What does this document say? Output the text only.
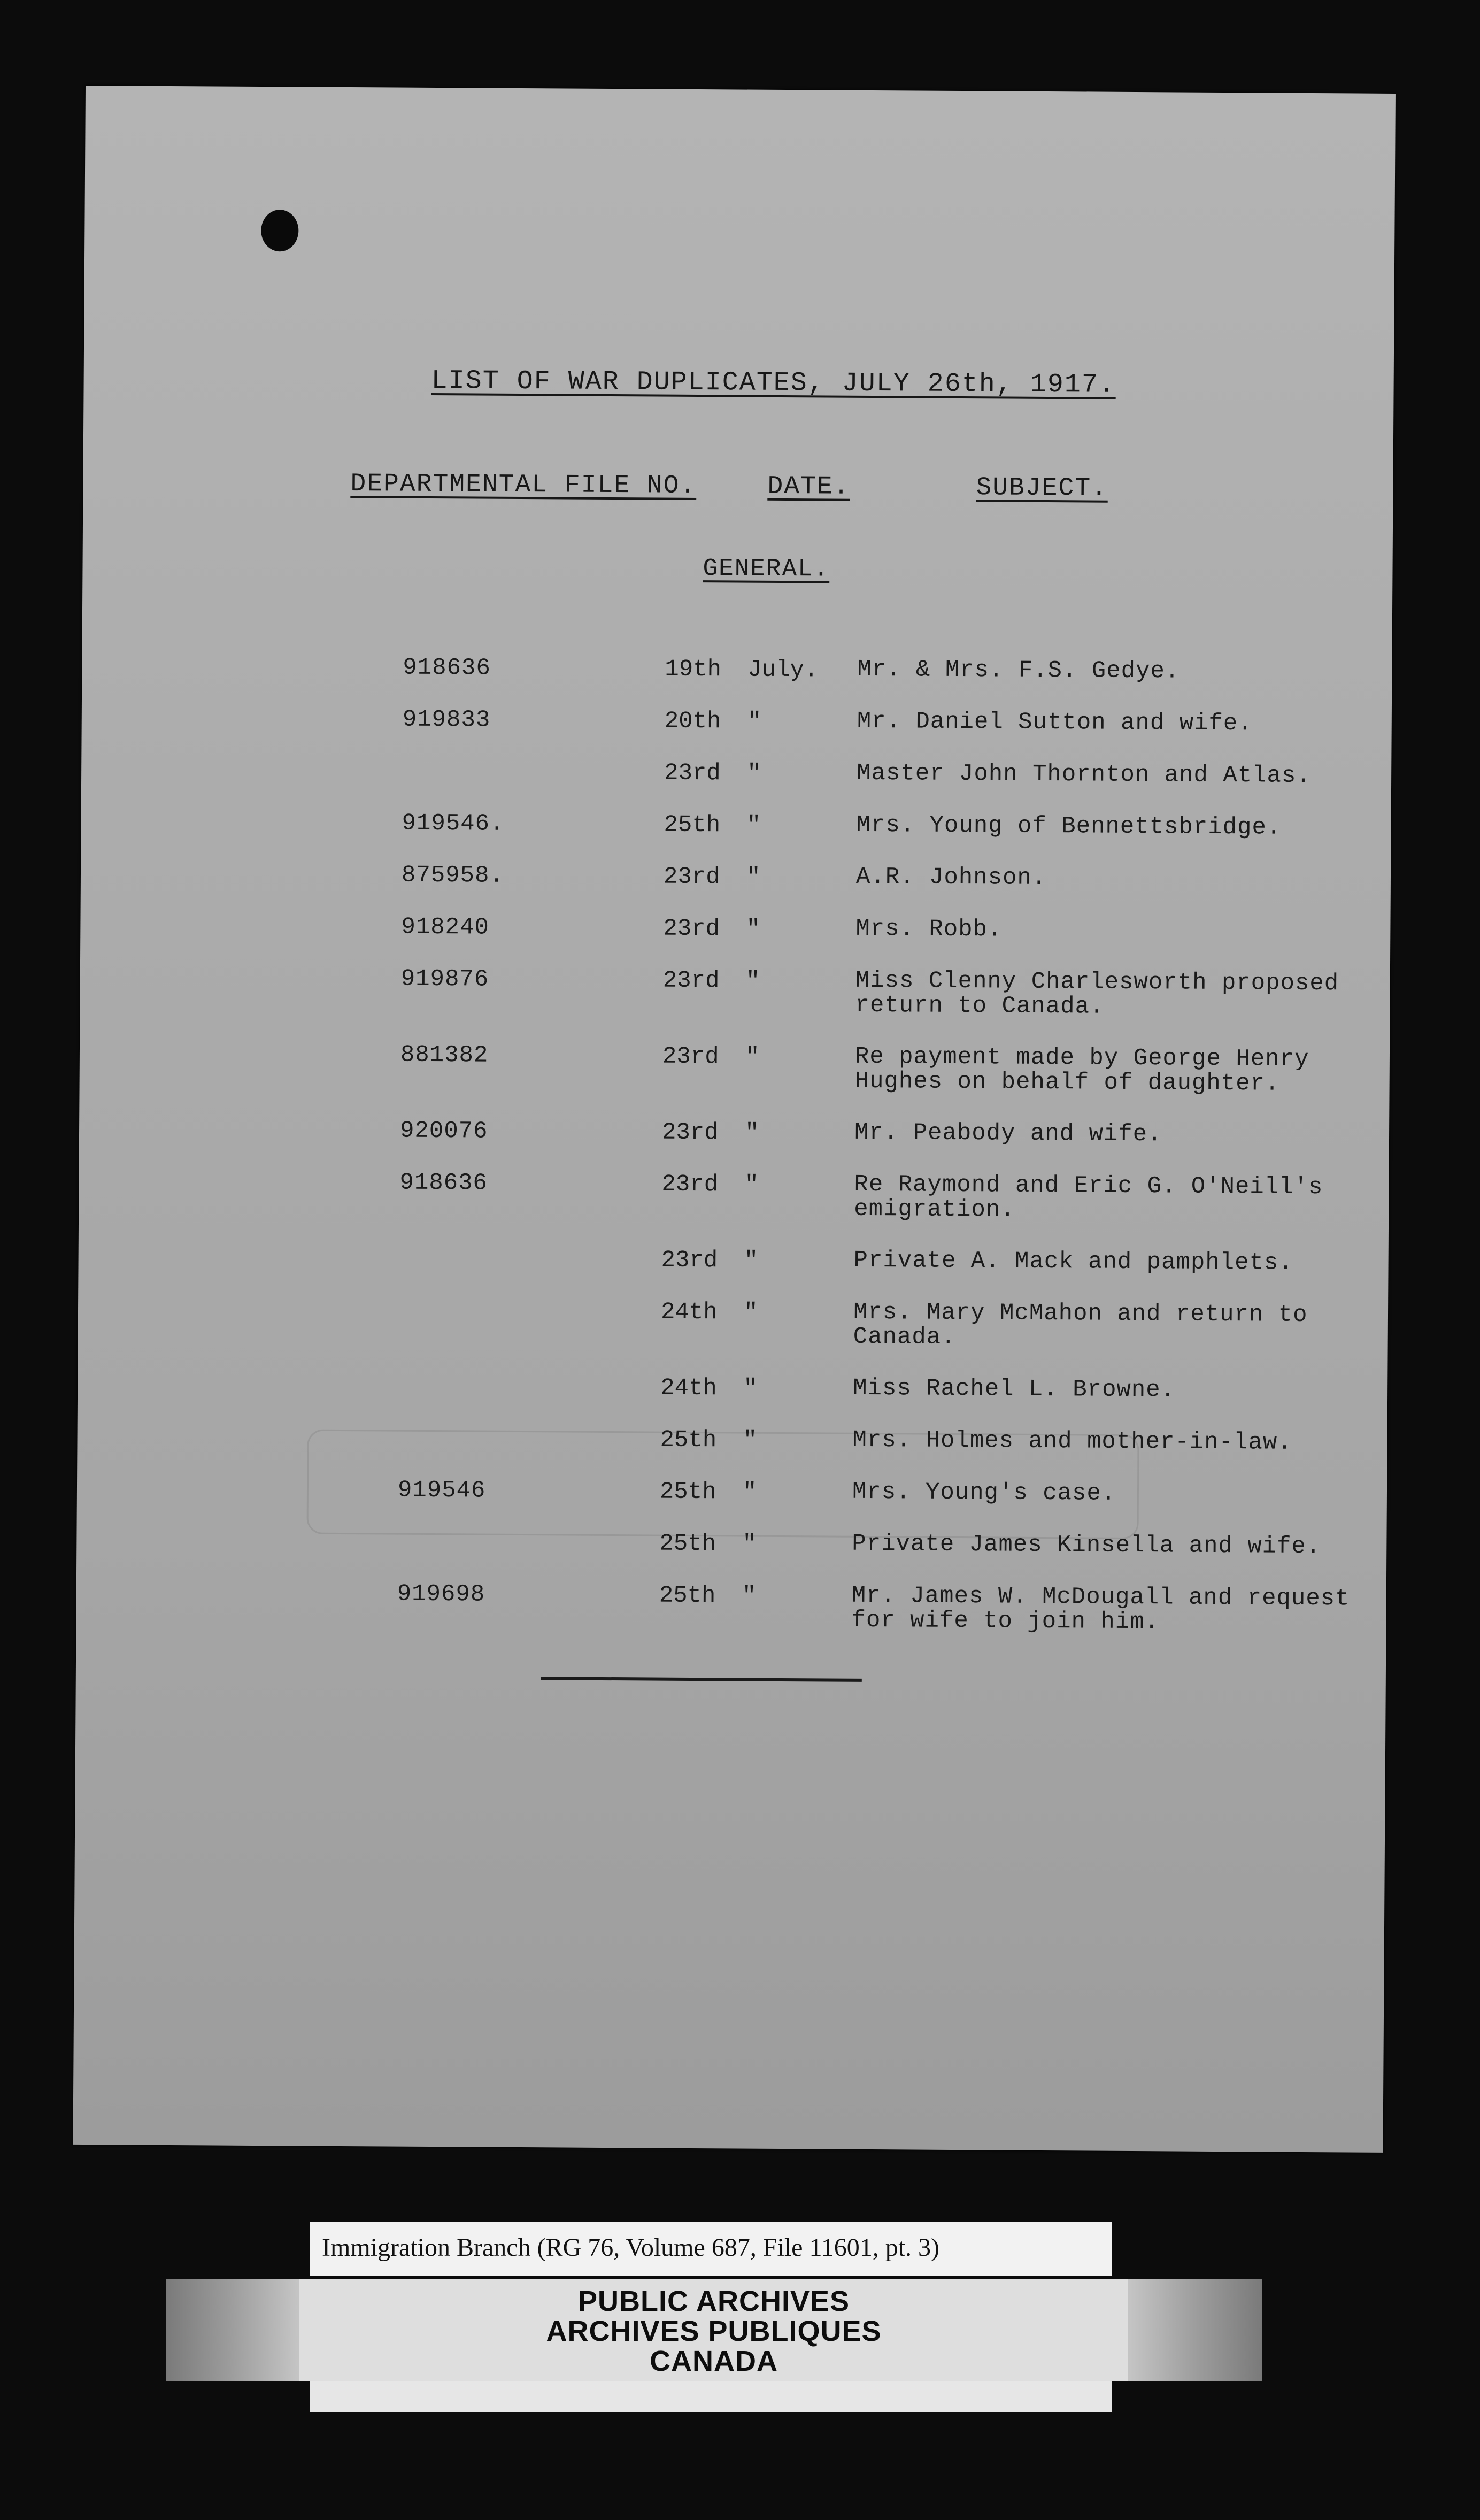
LIST OF WAR DUPLICATES, JULY 26th, 1917.
DEPARTMENTAL FILE NO.	DATE.	SUBJECT.
GENERAL.
918636	19th	July. Mr. & Mrs. F.S. Gedye.
919833	20th	"	Mr. Daniel Sutton and wife.
23rd	"	Master John Thornton and Atlas.
919546.	25th	"	Mrs. Young of Bennettsbridge.
875958.	23rd	"	A.R. Johnson.
918240	23rd	"	Mrs. Robb.
919876	23rd	"	Miss Clenny Charlesworth proposed return to Canada.
881382	23rd	"	Re payment made by George Henry Hughes on behalf of daughter.
920076	23rd	"	Mr. Peabody and wife.
918636	23rd	"	Re Raymond and Eric G. O'Neill's emigration.
23rd	"	Private A. Mack and pamphlets.
24th	"	Mrs. Mary McMahon and return to Canada.
24th	"	Miss Rachel L. Browne.
25th	"	Mrs. Holmes and mother-in-law.
919546	25th	"	Mrs. Young's case.
25th	"	Private James Kinsella and wife.
919698	25th	"	Mr. James W. McDougall and request for wife to join him.
Immigration Branch (RG 76, Volume 687, File 11601, pt. 3)
PUBLIC ARCHIVES
ARCHIVES PUBLIQUES
CANADA
